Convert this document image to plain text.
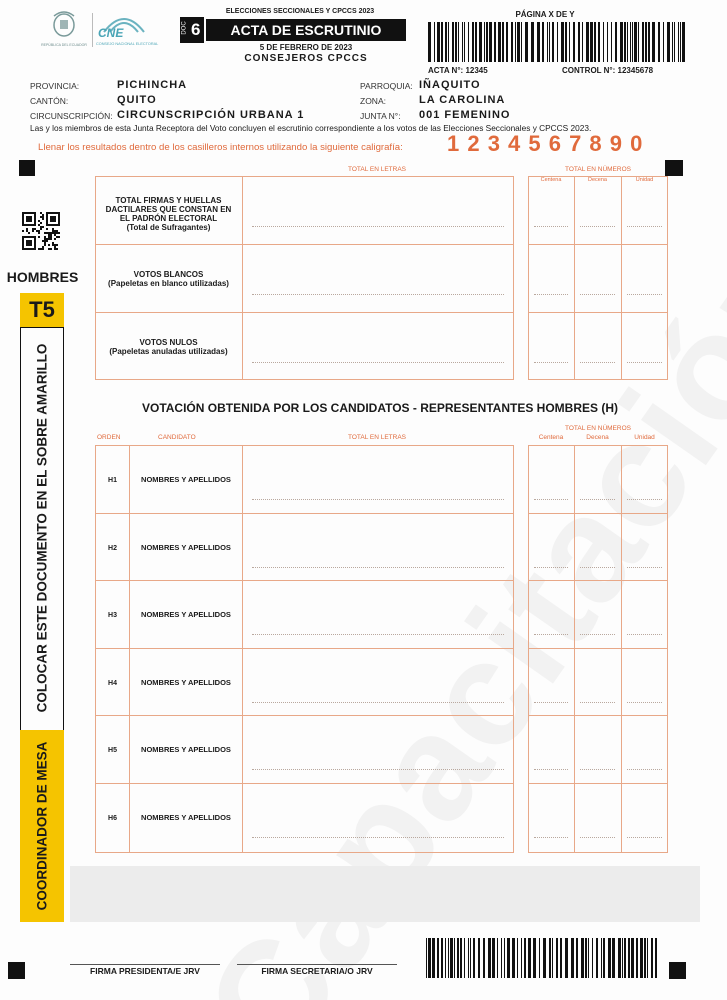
REPÚBLICA DEL ECUADOR
CNE
CONSEJO NACIONAL ELECTORAL
ELECCIONES SECCIONALES Y CPCCS 2023
DOC 6	ACTA DE ESCRUTINIO
5 DE FEBRERO DE 2023
CONSEJEROS CPCCS
PÁGINA X DE Y
ACTA N°: 12345	CONTROL N°: 12345678
PROVINCIA:	PICHINCHA
CANTÓN:	QUITO
CIRCUNSCRIPCIÓN: CIRCUNSCRIPCIÓN URBANA 1
PARROQUIA: IÑAQUITO
ZONA:	LA CAROLINA
JUNTA N°: 001 FEMENINO
Las y los miembros de esta Junta Receptora del Voto concluyen el escrutinio correspondiente a los votos de las Elecciones Seccionales y CPCCS 2023.
Llenar los resultados dentro de los casilleros internos utilizando la siguiente caligrafía: 1 2 3 4 5 6 7 8 9 0
TOTAL EN LETRAS	TOTAL EN NÚMEROS
Centena	Decena	Unidad
TOTAL FIRMAS Y HUELLAS
DACTILARES QUE CONSTAN EN
EL PADRÓN ELECTORAL
(Total de Sufragantes)
VOTOS BLANCOS
(Papeletas en blanco utilizadas)
VOTOS NULOS
(Papeletas anuladas utilizadas)
VOTACIÓN OBTENIDA POR LOS CANDIDATOS - REPRESENTANTES HOMBRES (H)
ORDEN	CANDIDATO	TOTAL EN LETRAS
TOTAL EN NÚMEROS
Centena	Decena	Unidad
H1	NOMBRES Y APELLIDOS
H2	NOMBRES Y APELLIDOS
H3	NOMBRES Y APELLIDOS
H4	NOMBRES Y APELLIDOS
H5	NOMBRES Y APELLIDOS
H6	NOMBRES Y APELLIDOS
HOMBRES
T5
COLOCAR ESTE DOCUMENTO EN EL SOBRE AMARILLO
COORDINADOR DE MESA
FIRMA PRESIDENTA/E JRV	FIRMA SECRETARIA/O JRV
